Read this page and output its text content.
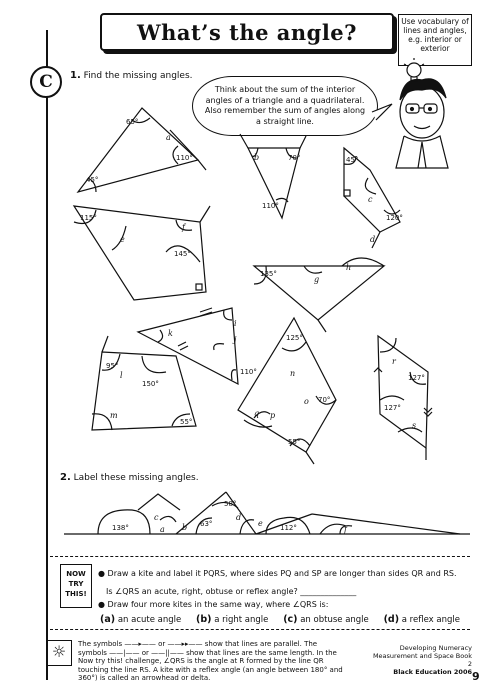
What’s the angle?	Use vocabulary of lines and angles, e.g. interior or exterior
C	1. Find the missing angles.
Think about the sum of the interior angles of a triangle and a quadrilateral. Also remember the sum of angles along a straight line.
65°
45°
110°
a
70°
110°
b	45°
120°
c
d
115°
145°
e
f
135°
g
h
i
j
k
110°
95°
150°
55°
l
m
125°
70°
55°
n
o
p
q
127°
127°
r
s
138°	a b
c
58°
63°
d
e 112°	f
2. Label these missing angles.
NOW TRY THIS!
● Draw a kite and label it PQRS, where sides PQ and SP are longer than sides QR and RS.
Is ∠QRS an acute, right, obtuse or reflex angle? ______________
● Draw four more kites in the same way, where ∠QRS is:
(a) an acute angle (b) a right angle (c) an obtuse angle (d) a reflex angle
☼	The symbols ——▸—— or ——▸▸—— show that lines are parallel. The symbols ——|—— or ——||—— show that lines are the same length. In the Now try this! challenge, ∠QRS is the angle at R formed by the line QR touching the line RS. A kite with a reflex angle (an angle between 180° and 360°) is called an arrowhead or delta.
Developing Numeracy Measurement and Space Book 2
Black Education 2006 9
